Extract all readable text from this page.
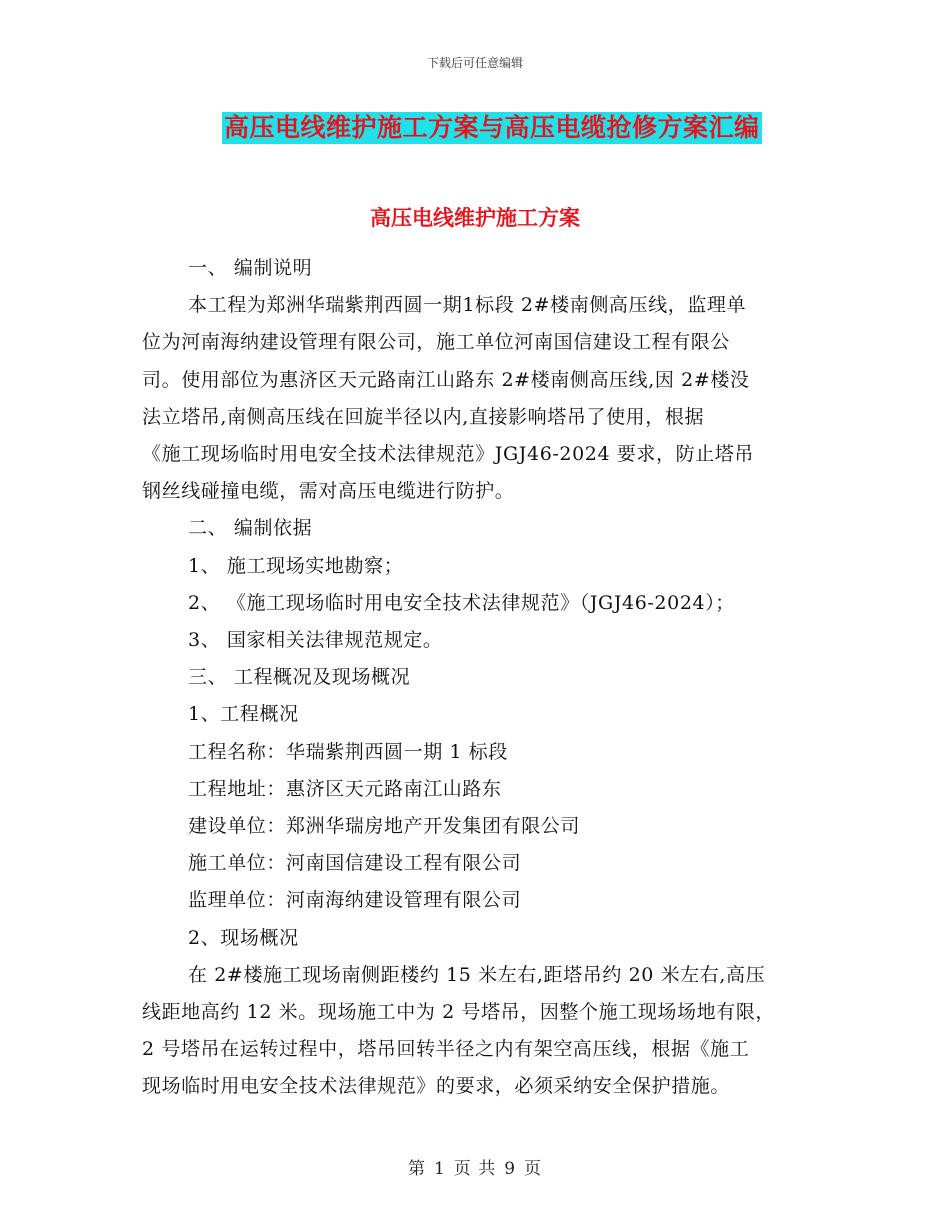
下载后可任意编辑
高压电线维护施工方案与高压电缆抢修方案汇编
高压电线维护施工方案

一、 编制说明

本工程为郑洲华瑞紫荆西圆一期1标段 2#楼南侧高压线，监理单

位为河南海纳建设管理有限公司，施工单位河南国信建设工程有限公

司。使用部位为惠济区天元路南江山路东 2#楼南侧高压线,因 2#楼没

法立塔吊,南侧高压线在回旋半径以内,直接影响塔吊了使用，根据

《施工现场临时用电安全技术法律规范》JGJ46-2024 要求，防止塔吊

钢丝线碰撞电缆，需对高压电缆进行防护。

二、 编制依据

1、 施工现场实地勘察；

2、 《施工现场临时用电安全技术法律规范》（JGJ46-2024）；

3、 国家相关法律规范规定。

三、 工程概况及现场概况

1、工程概况

工程名称：华瑞紫荆西圆一期 1 标段

工程地址：惠济区天元路南江山路东

建设单位：郑洲华瑞房地产开发集团有限公司

施工单位：河南国信建设工程有限公司

监理单位：河南海纳建设管理有限公司

2、现场概况

在 2#楼施工现场南侧距楼约 15 米左右,距塔吊约 20 米左右,高压

线距地高约 12 米。现场施工中为 2 号塔吊，因整个施工现场场地有限，

2 号塔吊在运转过程中，塔吊回转半径之内有架空高压线，根据《施工

现场临时用电安全技术法律规范》的要求，必须采纳安全保护措施。

第 1 页 共 9 页
